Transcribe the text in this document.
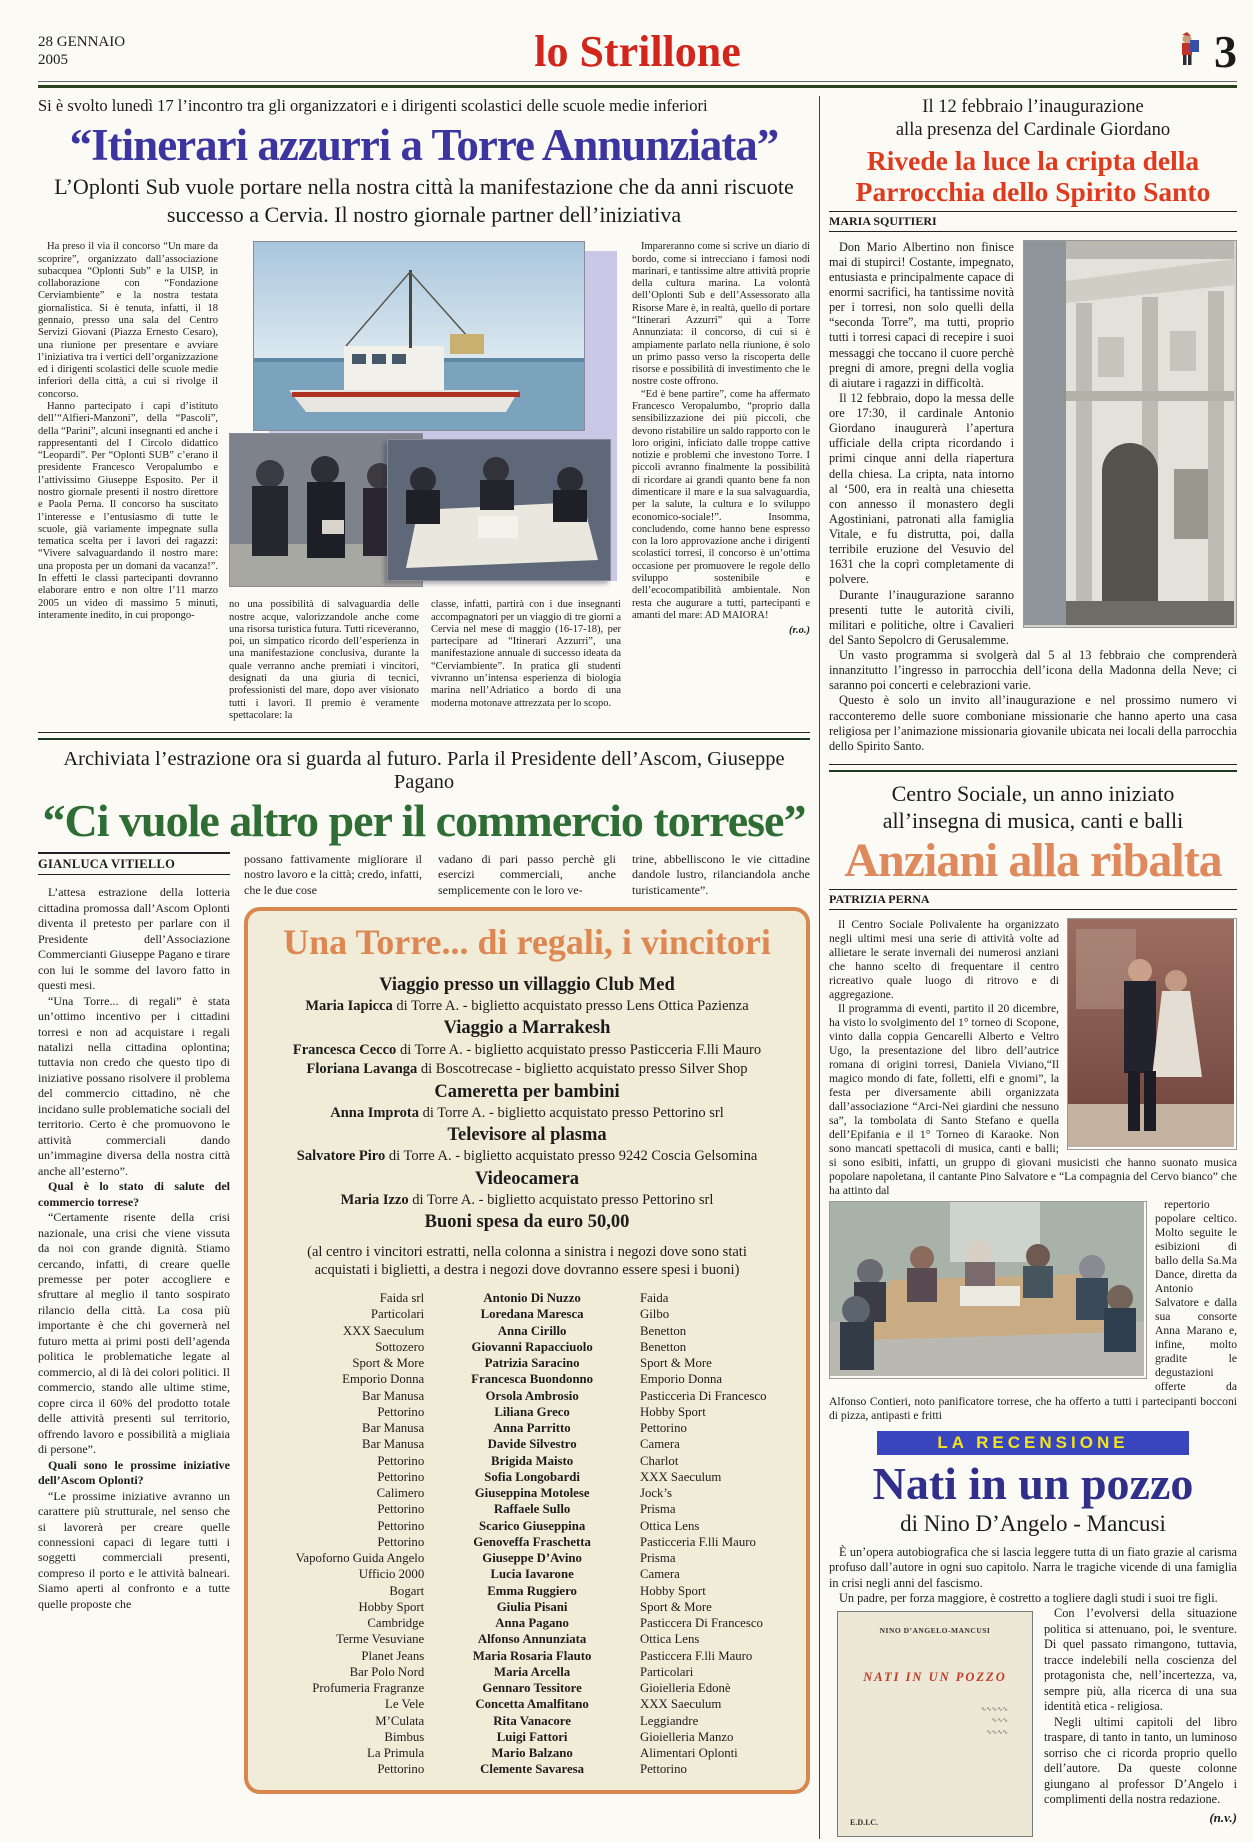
28 GENNAIO
2005	lo Strillone	3
Si è svolto lunedì 17 l’incontro tra gli organizzatori e i dirigenti scolastici delle scuole medie inferiori
“Itinerari azzurri a Torre Annunziata”
L’Oplonti Sub vuole portare nella nostra città la manifestazione che da anni riscuote successo a Cervia. Il nostro giornale partner dell’iniziativa

Ha preso il via il concorso “Un mare da scoprire”, organizzato dall’associazione subacquea “Oplonti Sub” e la UISP, in collaborazione con “Fondazione Cerviambiente” e la nostra testata giornalistica. Si è tenuta, infatti, il 18 gennaio, presso una sala del Centro Servizi Giovani (Piazza Ernesto Cesaro), una riunione per presentare e avviare l’iniziativa tra i vertici dell’organizzazione ed i dirigenti scolastici delle scuole medie inferiori della città, a cui si rivolge il concorso.

Hanno partecipato i capi d’istituto dell’“Alfieri-Manzoni”, della “Pascoli”, della “Parini”, alcuni insegnanti ed anche i rappresentanti del I Circolo didattico “Leopardi”. Per “Oplonti SUB” c’erano il presidente Francesco Veropalumbo e l’attivissimo Giuseppe Esposito. Per il nostro giornale presenti il nostro direttore e Paola Perna. Il concorso ha suscitato l’interesse e l’entusiasmo di tutte le scuole, già variamente impegnate sulla tematica scelta per i lavori dei ragazzi: “Vivere salvaguardando il nostro mare: una proposta per un domani da vacanza!”. In effetti le classi partecipanti dovranno elaborare entro e non oltre l’11 marzo 2005 un video di massimo 5 minuti, interamente inedito, in cui propongo-

no una possibilità di salvaguardia delle nostre acque, valorizzandole anche come una risorsa turistica futura. Tutti riceveranno, poi, un simpatico ricordo dell’esperienza in una manifestazione conclusiva, durante la quale verranno anche premiati i vincitori, designati da una giuria di tecnici, professionisti del mare, dopo aver visionato tutti i lavori. Il premio è veramente spettacolare: la
classe, infatti, partirà con i due insegnanti accompagnatori per un viaggio di tre giorni a Cervia nel mese di maggio (16-17-18), per partecipare ad “Itinerari Azzurri”, una manifestazione annuale di successo ideata da “Cerviambiente”. In pratica gli studenti vivranno un’intensa esperienza di biologia marina nell’Adriatico a bordo di una moderna motonave attrezzata per lo scopo.

Impareranno come si scrive un diario di bordo, come si intrecciano i famosi nodi marinari, e tantissime altre attività proprie della cultura marina. La volontà dell’Oplonti Sub e dell’Assessorato alla Risorse Mare è, in realtà, quello di portare “Itinerari Azzurri” qui a Torre Annunziata: il concorso, di cui si è ampiamente parlato nella riunione, è solo un primo passo verso la riscoperta delle risorse e possibilità di investimento che le nostre coste offrono.

“Ed è bene partire”, come ha affermato Francesco Veropalumbo, “proprio dalla sensibilizzazione dei più piccoli, che devono ristabilire un saldo rapporto con le loro origini, inficiato dalle troppe cattive notizie e problemi che investono Torre. I piccoli avranno finalmente la possibilità di ricordare ai grandi quanto bene fa non dimenticare il mare e la sua salvaguardia, per la salute, la cultura e lo sviluppo economico-sociale!”. Insomma, concludendo, come hanno bene espresso con la loro approvazione anche i dirigenti scolastici torresi, il concorso è un’ottima occasione per promuovere le regole dello sviluppo sostenibile e dell’ecocompatibilità ambientale. Non resta che augurare a tutti, partecipanti e amanti del mare: AD MAIORA!

(r.o.)

Archiviata l’estrazione ora si guarda al futuro. Parla il Presidente dell’Ascom, Giuseppe Pagano
“Ci vuole altro per il commercio torrese”
GIANLUCA VITIELLO

L’attesa estrazione della lotteria cittadina promossa dall’Ascom Oplonti diventa il pretesto per parlare con il Presidente dell’Associazione Commercianti Giuseppe Pagano e tirare con lui le somme del lavoro fatto in questi mesi.

“Una Torre... di regali” è stata un’ottimo incentivo per i cittadini torresi e non ad acquistare i regali natalizi nella cittadina oplontina; tuttavia non credo che questo tipo di iniziative possano risolvere il problema del commercio cittadino, nè che incidano sulle problematiche sociali del territorio. Certo è che promuovono le attività commerciali dando un’immagine diversa della nostra città anche all’esterno”.

Qual è lo stato di salute del commercio torrese?

“Certamente risente della crisi nazionale, una crisi che viene vissuta da noi con grande dignità. Stiamo cercando, infatti, di creare quelle premesse per poter accogliere e sfruttare al meglio il tanto sospirato rilancio della città. La cosa più importante è che chi governerà nel futuro metta ai primi posti dell’agenda politica le problematiche legate al commercio, al di là dei colori politici. Il commercio, stando alle ultime stime, copre circa il 60% del prodotto totale delle attività presenti sul territorio, offrendo lavoro e possibilità a migliaia di persone”.

Quali sono le prossime iniziative dell’Ascom Oplonti?

“Le prossime iniziative avranno un carattere più strutturale, nel senso che si lavorerà per creare quelle connessioni capaci di legare tutti i soggetti commerciali presenti, compreso il porto e le attività balneari. Siamo aperti al confronto e a tutte quelle proposte che

possano fattivamente migliorare il nostro lavoro e la città; credo, infatti, che le due cose
vadano di pari passo perchè gli esercizi commerciali, anche semplicemente con le loro ve-
trine, abbelliscono le vie cittadine dandole lustro, rilanciandola anche turisticamente”.
Una Torre... di regali, i vincitori
Viaggio presso un villaggio Club Med
Maria Iapicca di Torre A. - biglietto acquistato presso Lens Ottica Pazienza
Viaggio a Marrakesh
Francesca Cecco di Torre A. - biglietto acquistato presso Pasticceria F.lli Mauro
Floriana Lavanga di Boscotrecase - biglietto acquistato presso Silver Shop
Cameretta per bambini
Anna Improta di Torre A. - biglietto acquistato presso Pettorino srl
Televisore al plasma
Salvatore Piro di Torre A. - biglietto acquistato presso 9242 Coscia Gelsomina
Videocamera
Maria Izzo di Torre A. - biglietto acquistato presso Pettorino srl
Buoni spesa da euro 50,00
(al centro i vincitori estratti, nella colonna a sinistra i negozi dove sono stati acquistati i biglietti, a destra i negozi dove dovranno essere spesi i buoni)
Faida srl	Antonio Di Nuzzo	Faida
Particolari	Loredana Maresca	Gilbo
XXX Saeculum	Anna Cirillo	Benetton
Sottozero	Giovanni Rapacciuolo	Benetton
Sport & More	Patrizia Saracino	Sport & More
Emporio Donna	Francesca Buondonno	Emporio Donna
Bar Manusa	Orsola Ambrosio	Pasticceria Di Francesco
Pettorino	Liliana Greco	Hobby Sport
Bar Manusa	Anna Parritto	Pettorino
Bar Manusa	Davide Silvestro	Camera
Pettorino	Brigida Maisto	Charlot
Pettorino	Sofia Longobardi	XXX Saeculum
Calimero	Giuseppina Motolese	Jock’s
Pettorino	Raffaele Sullo	Prisma
Pettorino	Scarico Giuseppina	Ottica Lens
Pettorino	Genoveffa Fraschetta	Pasticceria F.lli Mauro
Vapoforno Guida Angelo	Giuseppe D’Avino	Prisma
Ufficio 2000	Lucia Iavarone	Camera
Bogart	Emma Ruggiero	Hobby Sport
Hobby Sport	Giulia Pisani	Sport & More
Cambridge	Anna Pagano	Pasticcera Di Francesco
Terme Vesuviane	Alfonso Annunziata	Ottica Lens
Planet Jeans	Maria Rosaria Flauto	Pasticcera F.lli Mauro
Bar Polo Nord	Maria Arcella	Particolari
Profumeria Fragranze	Gennaro Tessitore	Gioielleria Edonè
Le Vele	Concetta Amalfitano	XXX Saeculum
M’Culata	Rita Vanacore	Leggiandre
Bimbus	Luigi Fattori	Gioielleria Manzo
La Primula	Mario Balzano	Alimentari Oplonti
Pettorino	Clemente Savaresa	Pettorino
Il 12 febbraio l’inaugurazione
alla presenza del Cardinale Giordano
Rivede la luce la cripta della Parrocchia dello Spirito Santo
MARIA SQUITIERI

Don Mario Albertino non finisce mai di stupirci! Costante, impegnato, entusiasta e principalmente capace di enormi sacrifici, ha tantissime novità per i torresi, non solo quelli della “seconda Torre”, ma tutti, proprio tutti i torresi capaci di recepire i suoi messaggi che toccano il cuore perchè pregni di amore, pregni della voglia di aiutare i ragazzi in difficoltà.

Il 12 febbraio, dopo la messa delle ore 17:30, il cardinale Antonio Giordano inaugurerà l’apertura ufficiale della cripta ricordando i primi cinque anni della riapertura della chiesa. La cripta, nata intorno al ‘500, era in realtà una chiesetta con annesso il monastero degli Agostiniani, patronati alla famiglia Vitale, e fu distrutta, poi, dalla terribile eruzione del Vesuvio del 1631 che la coprì completamente di polvere.

Durante l’inaugurazione saranno presenti tutte le autorità civili, militari e politiche, oltre i Cavalieri del Santo Sepolcro di Gerusalemme.

Un vasto programma si svolgerà dal 5 al 13 febbraio che comprenderà innanzitutto l’ingresso in parrocchia dell’icona della Madonna della Neve; ci saranno poi concerti e celebrazioni varie.

Questo è solo un invito all’inaugurazione e nel prossimo numero vi racconteremo delle suore comboniane missionarie che hanno aperto una casa religiosa per l’animazione missionaria giovanile ubicata nei locali della parrocchia dello Spirito Santo.

Centro Sociale, un anno iniziato all’insegna di musica, canti e balli
Anziani alla ribalta
PATRIZIA PERNA

Il Centro Sociale Polivalente ha organizzato negli ultimi mesi una serie di attività volte ad allietare le serate invernali dei numerosi anziani che hanno scelto di frequentare il centro ricreativo quale luogo di ritrovo e di aggregazione.

Il programma di eventi, partito il 20 dicembre, ha visto lo svolgimento del 1° torneo di Scopone, vinto dalla coppia Gencarelli Alberto e Veltro Ugo, la presentazione del libro dell’autrice romana di origini torresi, Daniela Viviano,“Il magico mondo di fate, folletti, elfi e gnomi”, la festa per diversamente abili organizzata dall’associazione “Arci-Nei giardini che nessuno sa”, la tombolata di Santo Stefano e quella dell’Epifania e il 1° Torneo di Karaoke. Non sono mancati spettacoli di musica, canti e balli; si sono esibiti, infatti, un gruppo di giovani musicisti che hanno suonato musica popolare napoletana, il cantante Pino Salvatore e “La compagnia del Cervo bianco” che ha attinto dal

repertorio popolare celtico. Molto seguite le esibizioni di ballo della Sa.Ma Dance, diretta da Antonio Salvatore e dalla sua consorte Anna Marano e, infine, molto gradite le degustazioni offerte da Alfonso Contieri, noto panificatore torrese, che ha offerto a tutti i partecipanti bocconi di pizza, antipasti e fritti

LA RECENSIONE
Nati in un pozzo
di Nino D’Angelo - Mancusi

È un’opera autobiografica che si lascia leggere tutta di un fiato grazie al carisma profuso dall’autore in ogni suo capitolo. Narra le tragiche vicende di una famiglia in crisi negli anni del fascismo.

Un padre, per forza maggiore, è costretto a togliere dagli studi i suoi tre figli.

NINO D’ANGELO-MANCUSI
NATI IN UN POZZO
∿∿∿∿∿
∿∿∿
∿∿∿∿
E.D.I.C.

Con l’evolversi della situazione politica si attenuano, poi, le sventure. Di quel passato rimangono, tuttavia, tracce indelebili nella coscienza del protagonista che, nell’incertezza, va, sempre più, alla ricerca di una sua identità etica - religiosa.

Negli ultimi capitoli del libro traspare, di tanto in tanto, un luminoso sorriso che ci ricorda proprio quello dell’autore. Da queste colonne giungano al professor D’Angelo i complimenti della nostra redazione.

(n.v.)
